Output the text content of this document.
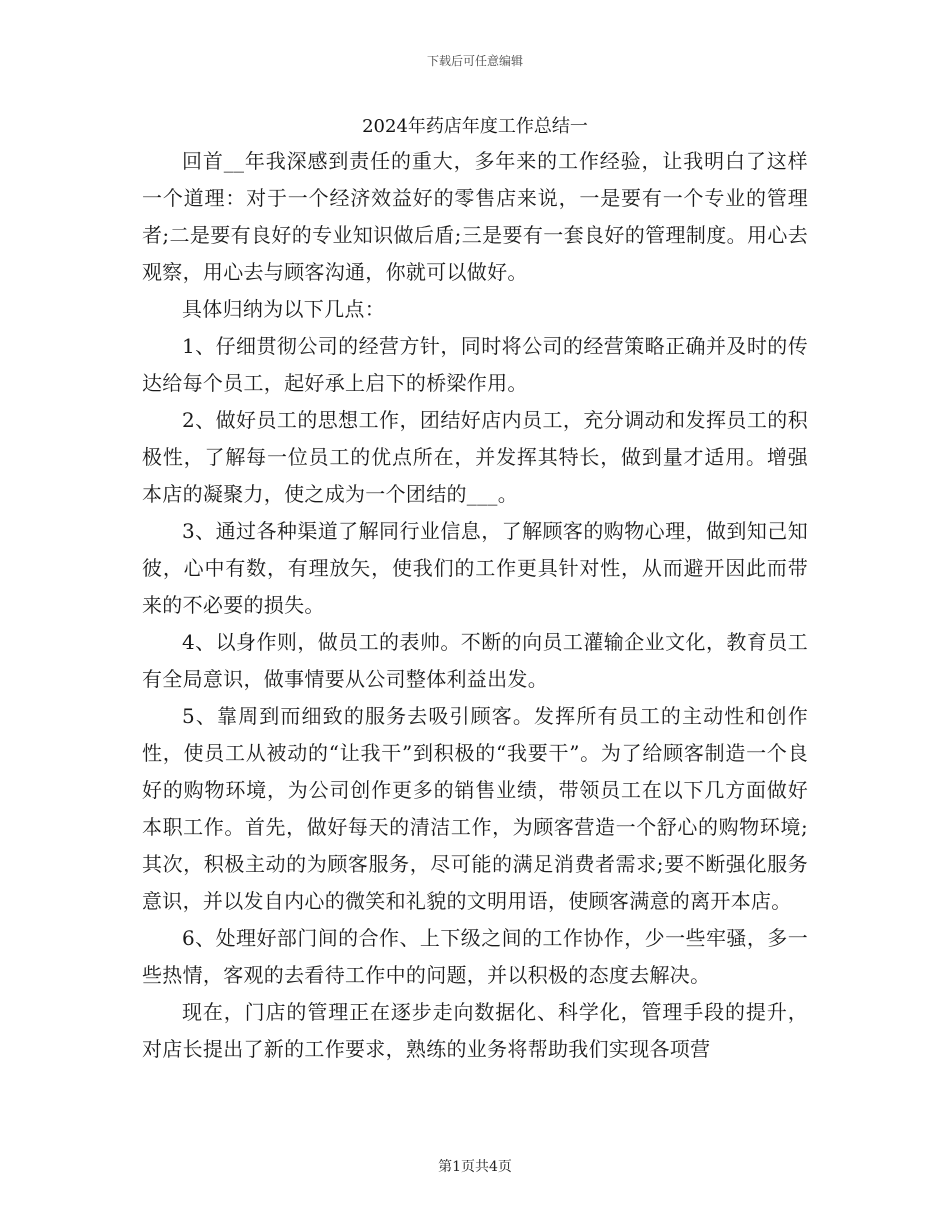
下载后可任意编辑
2024年药店年度工作总结一

回首__年我深感到责任的重大，多年来的工作经验，让我明白了这样一个道理：对于一个经济效益好的零售店来说，一是要有一个专业的管理者;二是要有良好的专业知识做后盾;三是要有一套良好的管理制度。用心去观察，用心去与顾客沟通，你就可以做好。

具体归纳为以下几点：

1、仔细贯彻公司的经营方针，同时将公司的经营策略正确并及时的传达给每个员工，起好承上启下的桥梁作用。

2、做好员工的思想工作，团结好店内员工，充分调动和发挥员工的积极性，了解每一位员工的优点所在，并发挥其特长，做到量才适用。增强本店的凝聚力，使之成为一个团结的___。

3、通过各种渠道了解同行业信息，了解顾客的购物心理，做到知己知彼，心中有数，有理放矢，使我们的工作更具针对性，从而避开因此而带来的不必要的损失。

4、以身作则，做员工的表帅。不断的向员工灌输企业文化，教育员工有全局意识，做事情要从公司整体利益出发。

5、靠周到而细致的服务去吸引顾客。发挥所有员工的主动性和创作性，使员工从被动的“让我干”到积极的“我要干”。为了给顾客制造一个良好的购物环境，为公司创作更多的销售业绩，带领员工在以下几方面做好本职工作。首先，做好每天的清洁工作，为顾客营造一个舒心的购物环境;其次，积极主动的为顾客服务，尽可能的满足消费者需求;要不断强化服务意识，并以发自内心的微笑和礼貌的文明用语，使顾客满意的离开本店。

6、处理好部门间的合作、上下级之间的工作协作，少一些牢骚，多一些热情，客观的去看待工作中的问题，并以积极的态度去解决。

现在，门店的管理正在逐步走向数据化、科学化，管理手段的提升，对店长提出了新的工作要求，熟练的业务将帮助我们实现各项营

第1页共4页
